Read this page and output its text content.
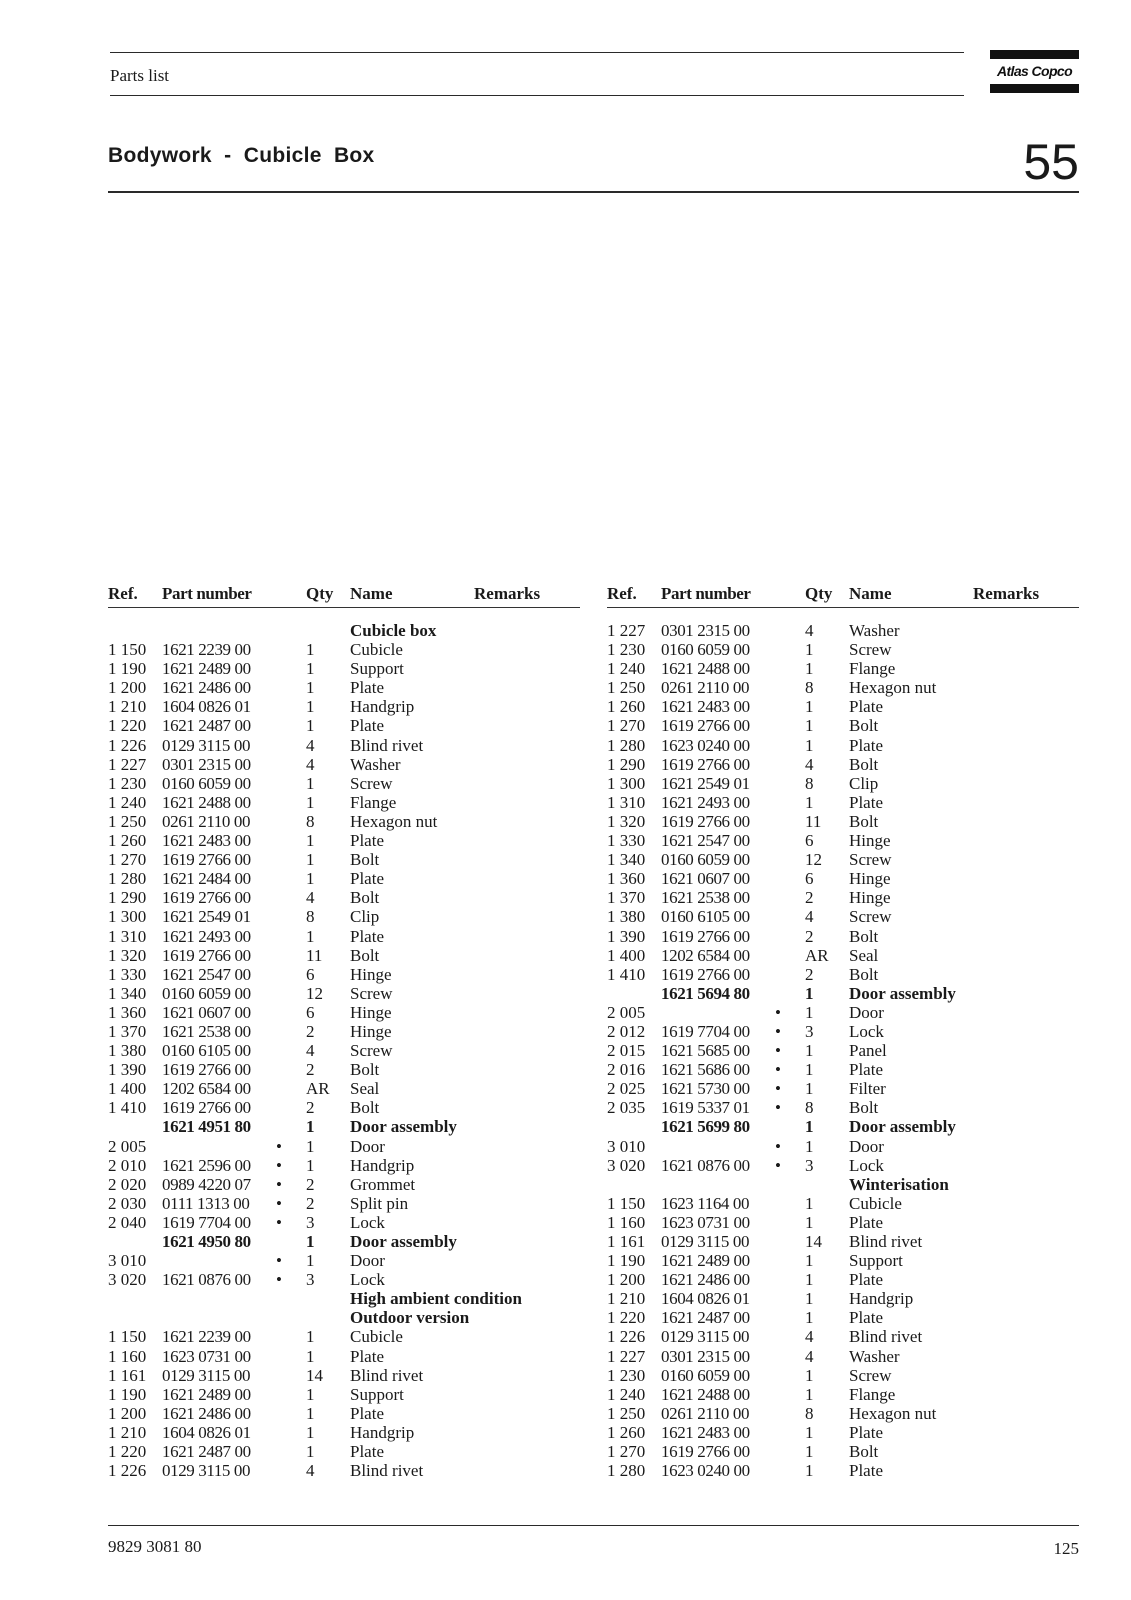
Parts list	Atlas Copco
Bodywork  -  Cubicle  Box	55
Ref. Part number	Qty Name	Remarks
Cubicle box
1 150 1621 2239 00	1 Cubicle
1 190 1621 2489 00	1 Support
1 200 1621 2486 00	1 Plate
1 210 1604 0826 01	1 Handgrip
1 220 1621 2487 00	1 Plate
1 226 0129 3115 00	4 Blind rivet
1 227 0301 2315 00	4 Washer
1 230 0160 6059 00	1 Screw
1 240 1621 2488 00	1 Flange
1 250 0261 2110 00	8 Hexagon nut
1 260 1621 2483 00	1 Plate
1 270 1619 2766 00	1 Bolt
1 280 1621 2484 00	1 Plate
1 290 1619 2766 00	4 Bolt
1 300 1621 2549 01	8 Clip
1 310 1621 2493 00	1 Plate
1 320 1619 2766 00	11 Bolt
1 330 1621 2547 00	6 Hinge
1 340 0160 6059 00	12 Screw
1 360 1621 0607 00	6 Hinge
1 370 1621 2538 00	2 Hinge
1 380 0160 6105 00	4 Screw
1 390 1619 2766 00	2 Bolt
1 400 1202 6584 00	AR Seal
1 410 1619 2766 00	2 Bolt
1621 4951 80	1 Door assembly
2 005	• 1 Door
2 010 1621 2596 00 • 1 Handgrip
2 020 0989 4220 07 • 2 Grommet
2 030 0111 1313 00 • 2 Split pin
2 040 1619 7704 00 • 3 Lock
1621 4950 80	1 Door assembly
3 010	• 1 Door
3 020 1621 0876 00 • 3 Lock
High ambient condition
Outdoor version
1 150 1621 2239 00	1 Cubicle
1 160 1623 0731 00	1 Plate
1 161 0129 3115 00	14 Blind rivet
1 190 1621 2489 00	1 Support
1 200 1621 2486 00	1 Plate
1 210 1604 0826 01	1 Handgrip
1 220 1621 2487 00	1 Plate
1 226 0129 3115 00	4 Blind rivet
Ref. Part number	Qty Name	Remarks
1 227 0301 2315 00	4 Washer
1 230 0160 6059 00	1 Screw
1 240 1621 2488 00	1 Flange
1 250 0261 2110 00	8 Hexagon nut
1 260 1621 2483 00	1 Plate
1 270 1619 2766 00	1 Bolt
1 280 1623 0240 00	1 Plate
1 290 1619 2766 00	4 Bolt
1 300 1621 2549 01	8 Clip
1 310 1621 2493 00	1 Plate
1 320 1619 2766 00	11 Bolt
1 330 1621 2547 00	6 Hinge
1 340 0160 6059 00	12 Screw
1 360 1621 0607 00	6 Hinge
1 370 1621 2538 00	2 Hinge
1 380 0160 6105 00	4 Screw
1 390 1619 2766 00	2 Bolt
1 400 1202 6584 00	AR Seal
1 410 1619 2766 00	2 Bolt
1621 5694 80	1 Door assembly
2 005	• 1 Door
2 012 1619 7704 00 • 3 Lock
2 015 1621 5685 00 • 1 Panel
2 016 1621 5686 00 • 1 Plate
2 025 1621 5730 00 • 1 Filter
2 035 1619 5337 01 • 8 Bolt
1621 5699 80	1 Door assembly
3 010	• 1 Door
3 020 1621 0876 00 • 3 Lock
Winterisation
1 150 1623 1164 00	1 Cubicle
1 160 1623 0731 00	1 Plate
1 161 0129 3115 00	14 Blind rivet
1 190 1621 2489 00	1 Support
1 200 1621 2486 00	1 Plate
1 210 1604 0826 01	1 Handgrip
1 220 1621 2487 00	1 Plate
1 226 0129 3115 00	4 Blind rivet
1 227 0301 2315 00	4 Washer
1 230 0160 6059 00	1 Screw
1 240 1621 2488 00	1 Flange
1 250 0261 2110 00	8 Hexagon nut
1 260 1621 2483 00	1 Plate
1 270 1619 2766 00	1 Bolt
1 280 1623 0240 00	1 Plate
9829 3081 80	125
